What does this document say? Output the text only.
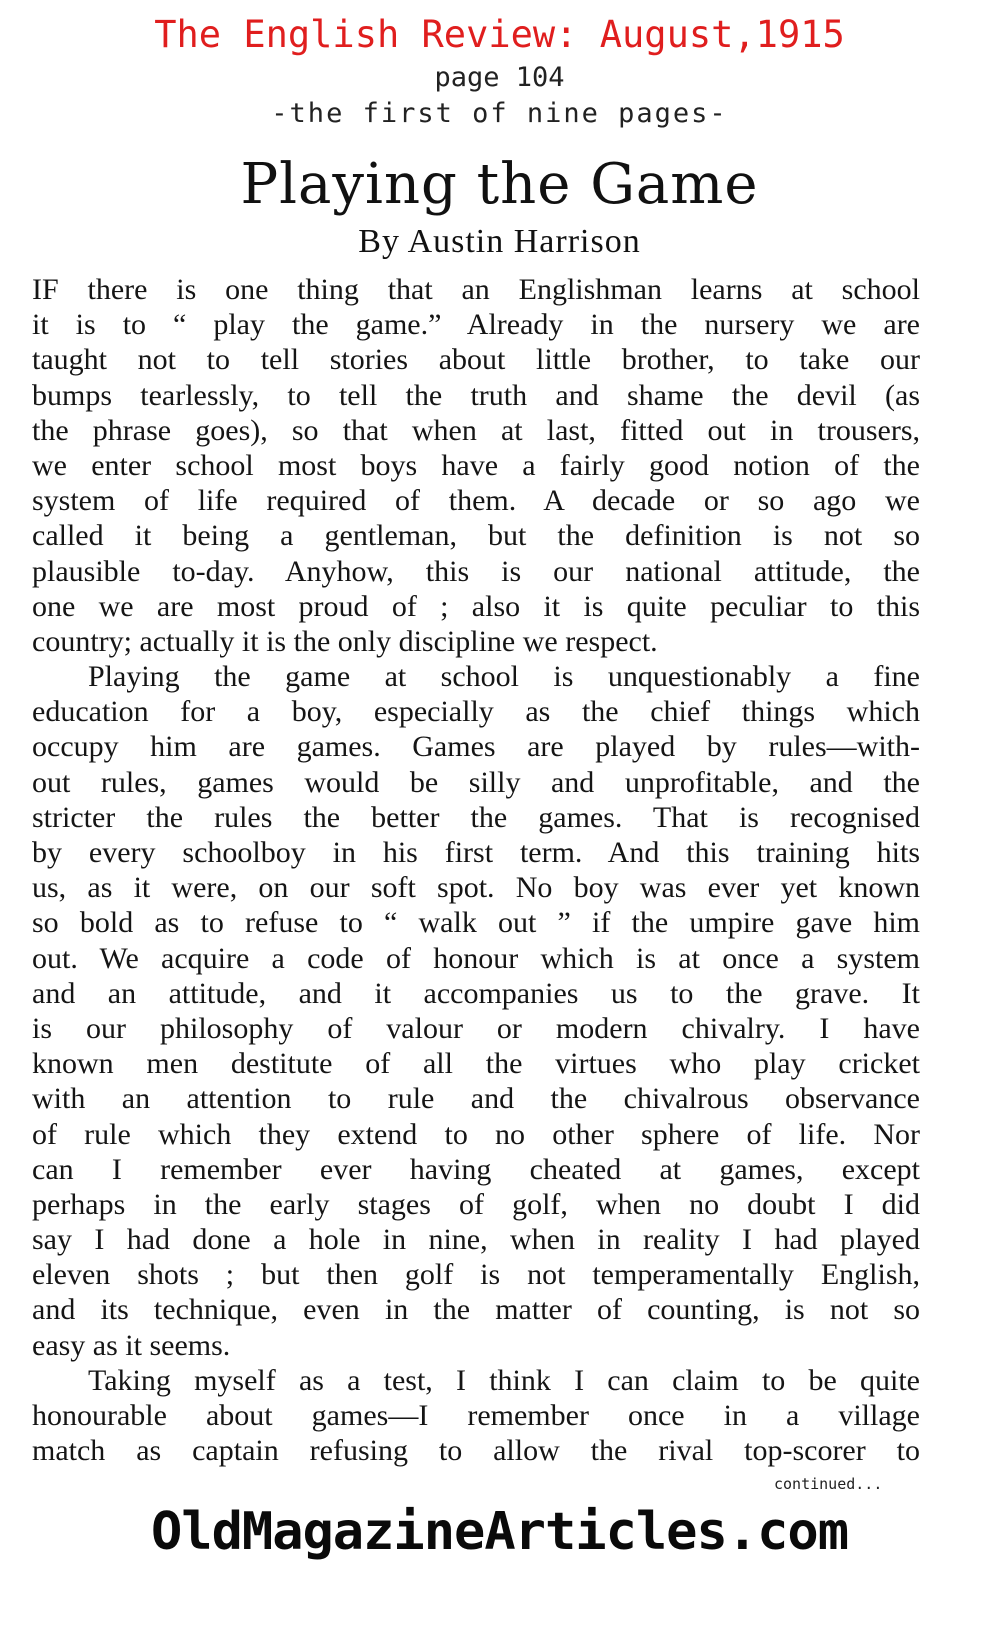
The English Review: August,1915
page 104
-the first of nine pages-
Playing the Game
By Austin Harrison
IF there is one thing that an Englishman learns at school
it is to “ play the game.” Already in the nursery we are
taught not to tell stories about little brother, to take our
bumps tearlessly, to tell the truth and shame the devil (as
the phrase goes), so that when at last, fitted out in trousers,
we enter school most boys have a fairly good notion of the
system of life required of them. A decade or so ago we
called it being a gentleman, but the definition is not so
plausible to-day. Anyhow, this is our national attitude, the
one we are most proud of ; also it is quite peculiar to this
country; actually it is the only discipline we respect.
Playing the game at school is unquestionably a fine
education for a boy, especially as the chief things which
occupy him are games. Games are played by rules—with-
out rules, games would be silly and unprofitable, and the
stricter the rules the better the games. That is recognised
by every schoolboy in his first term. And this training hits
us, as it were, on our soft spot. No boy was ever yet known
so bold as to refuse to “ walk out ” if the umpire gave him
out. We acquire a code of honour which is at once a system
and an attitude, and it accompanies us to the grave. It
is our philosophy of valour or modern chivalry. I have
known men destitute of all the virtues who play cricket
with an attention to rule and the chivalrous observance
of rule which they extend to no other sphere of life. Nor
can I remember ever having cheated at games, except
perhaps in the early stages of golf, when no doubt I did
say I had done a hole in nine, when in reality I had played
eleven shots ; but then golf is not temperamentally English,
and its technique, even in the matter of counting, is not so
easy as it seems.
Taking myself as a test, I think I can claim to be quite
honourable about games—I remember once in a village
match as captain refusing to allow the rival top-scorer to
continued...
OldMagazineArticles.com
